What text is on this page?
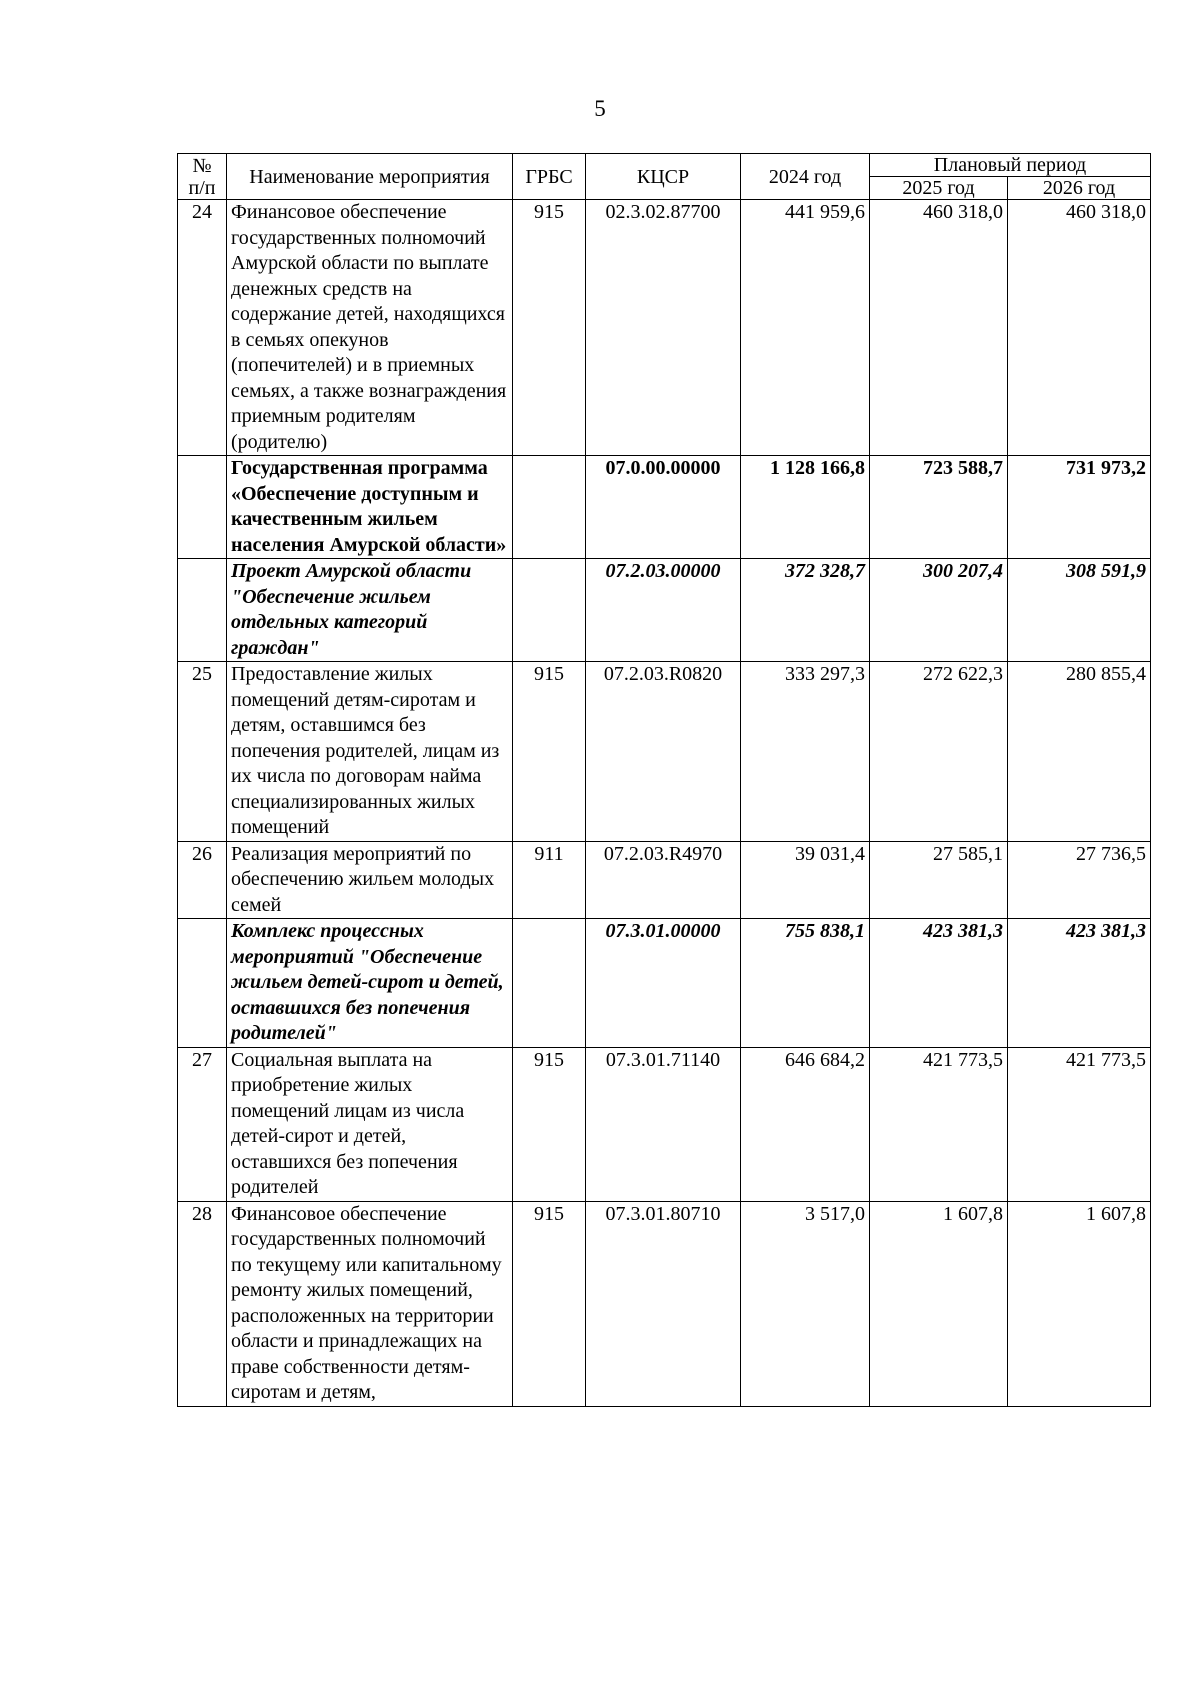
5
№ п/п	Наименование мероприятия	ГРБС	КЦСР	2024 год	Плановый период	
					2025 год	2026 год
24	Финансовое обеспечение государственных полномочий Амурской области по выплате денежных средств на содержание детей, находящихся в семьях опекунов (попечителей) и в приемных семьях, а также вознаграждения приемным родителям (родителю)	915	02.3.02.87700	441 959,6	460 318,0	460 318,0
	Государственная программа «Обеспечение доступным и качественным жильем населения Амурской области»		07.0.00.00000	1 128 166,8	723 588,7	731 973,2
	Проект Амурской области "Обеспечение жильем отдельных категорий граждан"		07.2.03.00000	372 328,7	300 207,4	308 591,9
25	Предоставление жилых помещений детям-сиротам и детям, оставшимся без попечения родителей, лицам из их числа по договорам найма специализированных жилых помещений	915	07.2.03.R0820	333 297,3	272 622,3	280 855,4
26	Реализация мероприятий по обеспечению жильем молодых семей	911	07.2.03.R4970	39 031,4	27 585,1	27 736,5
	Комплекс процессных мероприятий "Обеспечение жильем детей-сирот и детей, оставшихся без попечения родителей"		07.3.01.00000	755 838,1	423 381,3	423 381,3
27	Социальная выплата на приобретение жилых помещений лицам из числа детей-сирот и детей, оставшихся без попечения родителей	915	07.3.01.71140	646 684,2	421 773,5	421 773,5
28	Финансовое обеспечение государственных полномочий по текущему или капитальному ремонту жилых помещений, расположенных на территории области и принадлежащих на праве собственности детям-сиротам и детям,	915	07.3.01.80710	3 517,0	1 607,8	1 607,8
